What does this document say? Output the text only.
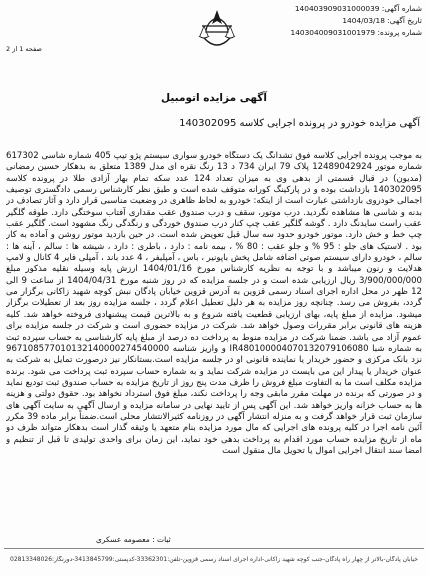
شماره آگهی: 140403909031000039
تاریخ آگهی: 1404/03/18
شماره پرونده: 140304009031001979
صفحه 1 از 2
آگهی مزایده اتومبیل
آگهی مزایده خودرو در پرونده اجرایی کلاسه 140302095
به موجب پرونده اجرایی کلاسه فوق تشدانگ یک دستگاه خودرو سواری سیستم پژو تیپ 405 شماره شاسی 617302 شماره موتور 12489042924 پلاک 79 ایران 734 د 13 رنگ نقره ای مدل 1389 متعلق به بدهکار حسین رمضانی (مدیون) در قبال قسمتی از بدهی وی به میزان تعداد 124 عدد سکه تمام بهار آزادی طلا در پرونده کلاسه 140302095 بازداشت بوده و در پارکینگ کورانه متوقف شده است و طبق نظر کارشناس رسمی دادگستری توصیف اجمالی خودروی بازداشتی عبارت است از اینکه: خودرو به لحاظ ظاهری در وضعیت مناسبی قرار دارد و آثار تصادف در بدنه و شاسی ها مشاهده نگردید. درب موتور، سقف و درب صندوق عقب مقداری آفتاب سوختگی دارد. طوقه گلگیر عقب راست سایدنگ دارد . گوشه گلگیر عقب چپ کنار درب صندوق خوردگی و رنگدگی رنگ مشهود است. گلگیر عقب چپ خط و خش دارد. موتور خودرو حدود سه سال قبل تعویض شده است. در حین بازدید موتور روشن و آماده به کار بود . لاستیک های جلو : 95 % و جلو عقب : 80 % ، بیمه نامه : دارد ، باطری : دارد ، شیشه ها : سالم ، آینه ها : سالم ، خودرو دارای سیستم صوتی اضافه شامل پخش باپونیر ، باس ، آمپلیفر ، 4 عدد باند ، آمپلی فایر 4 کانال و لامپ هدلایت و رنون میباشد و با توجه به نظریه کارشناس مورخ 1404/01/16 ارزش پایه وسیله نقلیه مذکور مبلغ 3/900/000/000 ریال ارزیابی شده است و در جلسه مزایده که در روز شنبه مورخ 1404/04/31 از ساعت 9 الی 12 ظهر در محل اداره اجرای اسناد رسمی قزوین به آدرس قزوین خیابان پادگان نبش کوچه شهید زاکانی برگزار می گردد، بفروش می رسد. چنانچه روز مزایده به هر دلیل تعطیل اعلام گردد ، جلسه مزایده روز بعد از تعطیلات برگزار میشود. مزایده از مبلغ پایه، بهای ارزیابی قطعیت یافته شروع و به بالاترین قیمت پیشنهادی فروخته خواهد شد. کلیه هزینه های قانونی برابر مقررات وصول خواهد شد. شرکت در مزایده حضوری است و شرکت در جلسه مزایده برای عموم آزاد می باشد. ضمنا شرکت در مزایده منوط به پرداخت ده درصد از مبلغ پایه کارشناسی به حساب سپرده ثبت به شماره شبا IR480100004070132079106080 و واریز شناسه 967108577010132140000274540000 نزد بانک مرکزی و حضور خریدار یا نماینده قانونی او در جلسه مزایده است.بستانکار نیز درصورت تمایل به شرکت به عنوان خریدار یا پیدار این می بایست در مزایده شرکت نماید و به شماره حساب سپرده ثبت پرداخت می شود. برنده مزایده مکلف است ما به التفاوت مبلغ فروش را ظرف مدت پنج روز از تاریخ مزایده به حساب صندوق ثبت تودیع نماید و در صورتی که برنده در مهلت مقرر مابقی وجه را پرداخت نکند، مبلغ فوق استرداد نخواهد بود. حقوق دولتی و هزینه ها به حساب خزانه واریز خواهد شد. این آگهی پس از تایید نهایی در سامانه مزایده و ارسال آگهی به سایت آگهی های سازمان ثبت قرار خواهد گرفت و به منزله انتشار آگهی در روزنامه کثیرالانتشار محلی است.ضمناً برابر ماده 39 مکرر آئین نامه اجرا در کلیه پرونده های اجرایی که مال مورد مزایده بنام متعهد یا وثیقه گذار است بدهکار متواند ظرف دو ماه از تاریخ مزایده حساب مورد اقدام به پرداخت بدهی خود نماید، این زمان برای واحدی تولیدی تا قبل از تنظیم و امضا سند انتقال اجرایی اموال یا تحویل مال منقول است
ثبات : معصومه عسکری
خیابان پادگان-بالاتر از چهار راه پادگان-جنب کوچه شهید زاکانی-اداره اجرای اسناد رسمی قزوین-تلفن:33362301-کدپستی:3413845799-دورنگار:02813348026
